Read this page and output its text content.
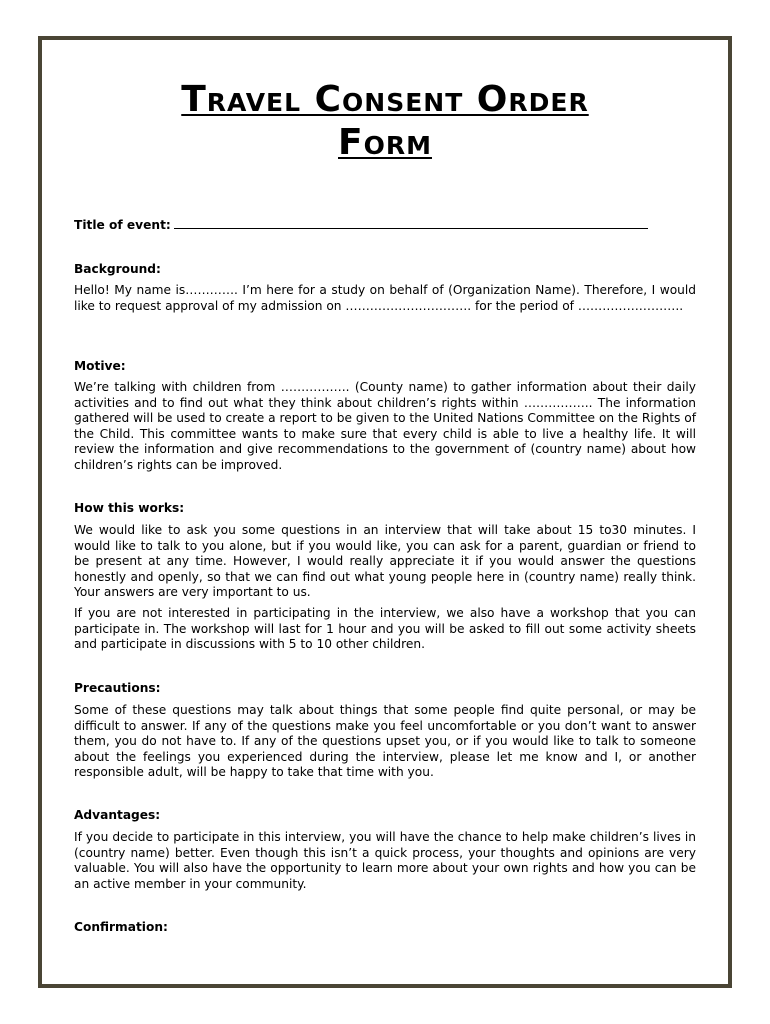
Travel Consent Order
Form
Title of event:
Background:
Hello! My name is…………. I’m here for a study on behalf of (Organization Name). Therefore, I would like to request approval of my admission on …………………………. for the period of ……………………..
Motive:
We’re talking with children from …………….. (County name) to gather information about their daily activities and to find out what they think about children’s rights within …………….. The information gathered will be used to create a report to be given to the United Nations Committee on the Rights of the Child. This committee wants to make sure that every child is able to live a healthy life. It will review the information and give recommendations to the government of (country name) about how children’s rights can be improved.
How this works:
We would like to ask you some questions in an interview that will take about 15 to30 minutes. I would like to talk to you alone, but if you would like, you can ask for a parent, guardian or friend to be present at any time. However, I would really appreciate it if you would answer the questions honestly and openly, so that we can find out what young people here in (country name) really think. Your answers are very important to us.
If you are not interested in participating in the interview, we also have a workshop that you can participate in. The workshop will last for 1 hour and you will be asked to fill out some activity sheets and participate in discussions with 5 to 10 other children.
Precautions:
Some of these questions may talk about things that some people find quite personal, or may be difficult to answer. If any of the questions make you feel uncomfortable or you don’t want to answer them, you do not have to. If any of the questions upset you, or if you would like to talk to someone about the feelings you experienced during the interview, please let me know and I, or another responsible adult, will be happy to take that time with you.
Advantages:
If you decide to participate in this interview, you will have the chance to help make children’s lives in (country name) better. Even though this isn’t a quick process, your thoughts and opinions are very valuable. You will also have the opportunity to learn more about your own rights and how you can be an active member in your community.
Confirmation:
